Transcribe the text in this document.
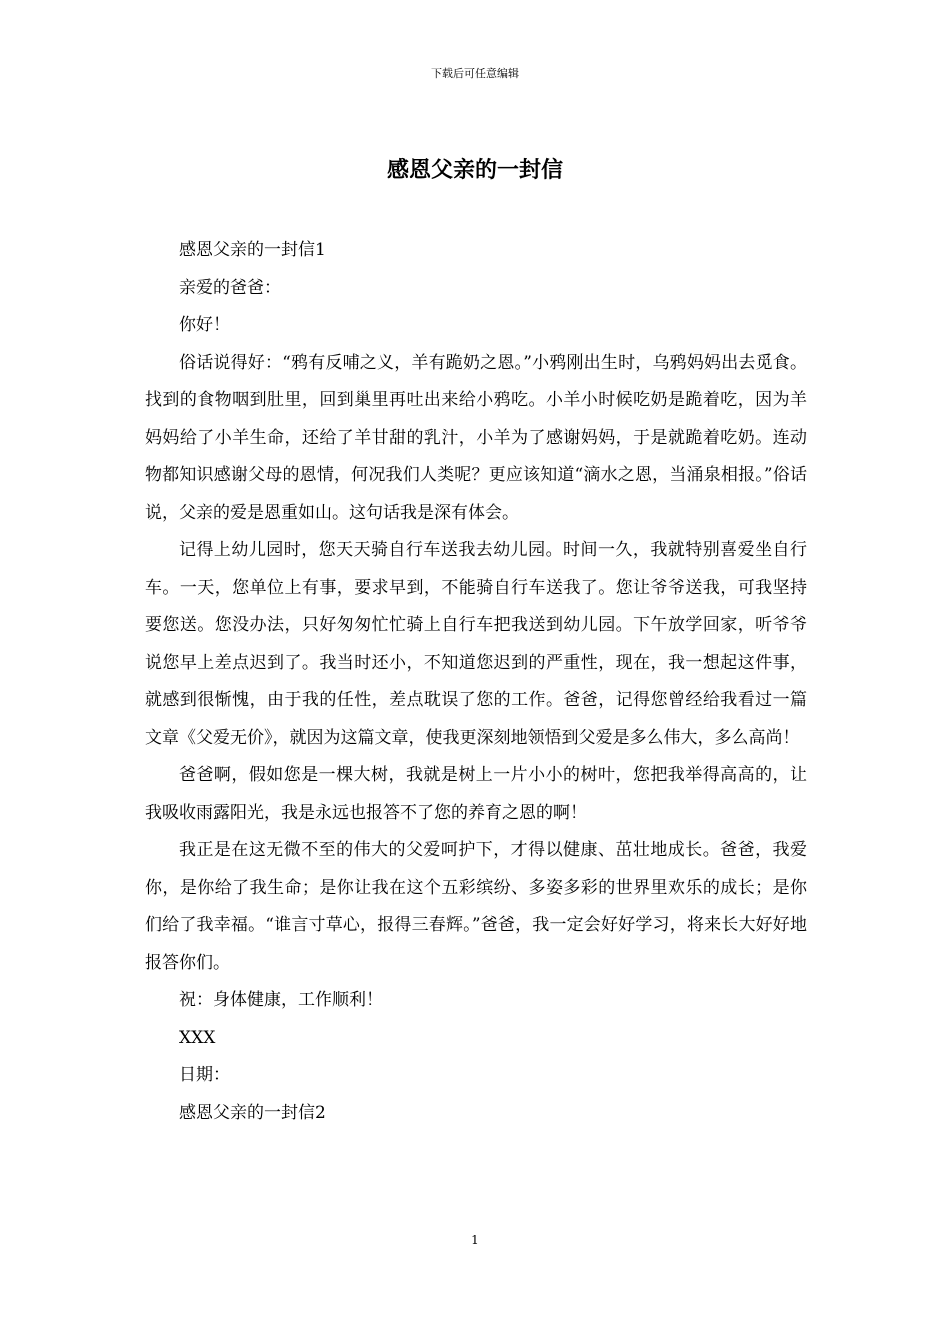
下载后可任意编辑
感恩父亲的一封信

感恩父亲的一封信1

亲爱的爸爸：

你好！

俗话说得好：“鸦有反哺之义，羊有跪奶之恩。”小鸦刚出生时，乌鸦妈妈出去觅食。找到的食物咽到肚里，回到巢里再吐出来给小鸦吃。小羊小时候吃奶是跪着吃，因为羊妈妈给了小羊生命，还给了羊甘甜的乳汁，小羊为了感谢妈妈，于是就跪着吃奶。连动物都知识感谢父母的恩情，何况我们人类呢？更应该知道“滴水之恩，当涌泉相报。”俗话说，父亲的爱是恩重如山。这句话我是深有体会。

记得上幼儿园时，您天天骑自行车送我去幼儿园。时间一久，我就特别喜爱坐自行车。一天，您单位上有事，要求早到，不能骑自行车送我了。您让爷爷送我，可我坚持要您送。您没办法，只好匆匆忙忙骑上自行车把我送到幼儿园。下午放学回家，听爷爷说您早上差点迟到了。我当时还小，不知道您迟到的严重性，现在，我一想起这件事，就感到很惭愧，由于我的任性，差点耽误了您的工作。爸爸，记得您曾经给我看过一篇文章《父爱无价》，就因为这篇文章，使我更深刻地领悟到父爱是多么伟大，多么高尚！

爸爸啊，假如您是一棵大树，我就是树上一片小小的树叶，您把我举得高高的，让我吸收雨露阳光，我是永远也报答不了您的养育之恩的啊！

我正是在这无微不至的伟大的父爱呵护下，才得以健康、茁壮地成长。爸爸，我爱你，是你给了我生命；是你让我在这个五彩缤纷、多姿多彩的世界里欢乐的成长；是你们给了我幸福。“谁言寸草心，报得三春辉。”爸爸，我一定会好好学习，将来长大好好地报答你们。

祝：身体健康，工作顺利！

XXX

日期：

感恩父亲的一封信2

1
